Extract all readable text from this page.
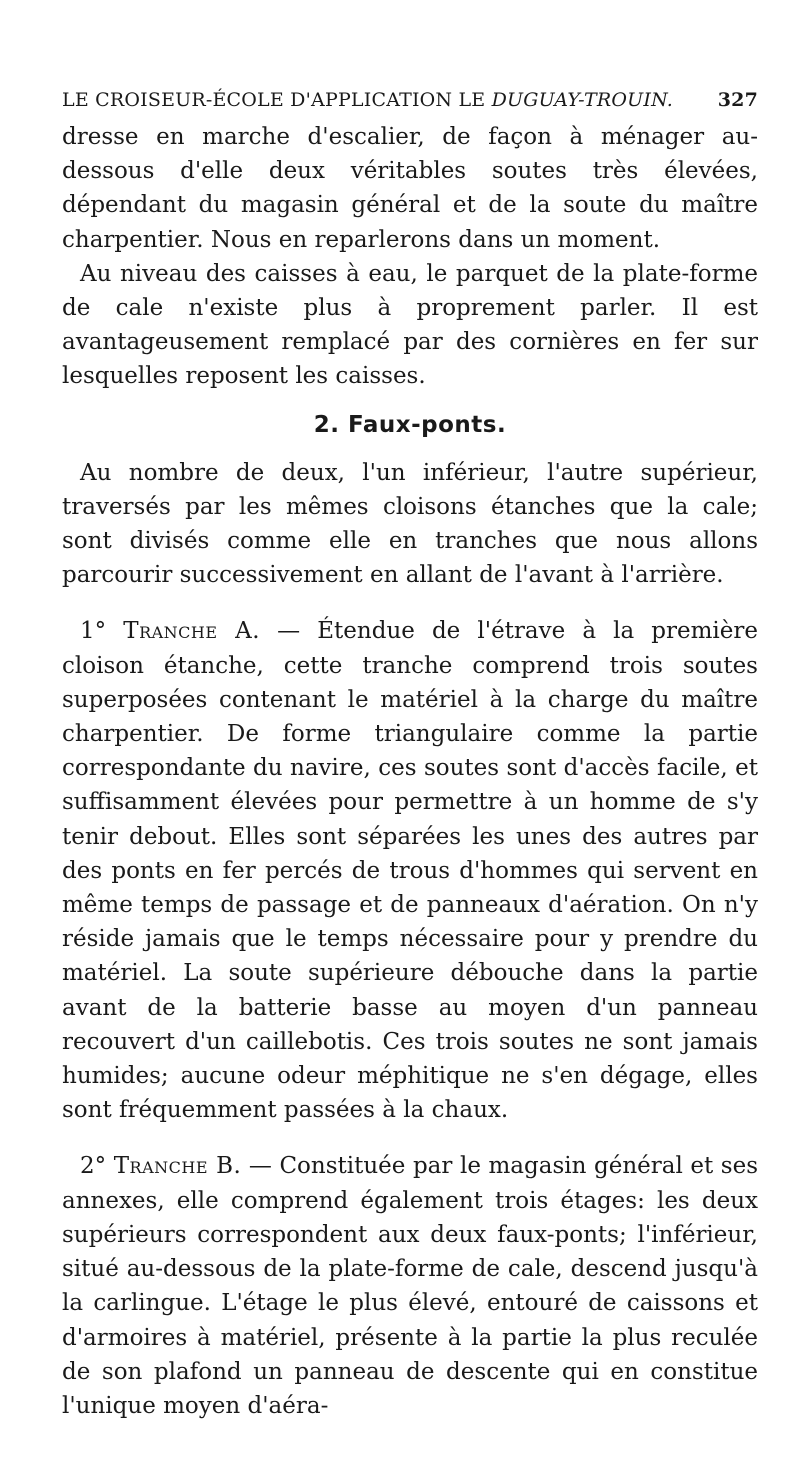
LE CROISEUR-ÉCOLE D'APPLICATION LE DUGUAY-TROUIN. 327

dresse en marche d'escalier, de façon à ménager au-dessous d'elle deux véritables soutes très élevées, dépendant du magasin général et de la soute du maître charpentier. Nous en reparlerons dans un moment.

Au niveau des caisses à eau, le parquet de la plate-forme de cale n'existe plus à proprement parler. Il est avantageusement remplacé par des cornières en fer sur lesquelles reposent les caisses.

2. Faux-ponts.

Au nombre de deux, l'un inférieur, l'autre supérieur, traversés par les mêmes cloisons étanches que la cale; sont divisés comme elle en tranches que nous allons parcourir successivement en allant de l'avant à l'arrière.

1° Tranche A. — Étendue de l'étrave à la première cloison étanche, cette tranche comprend trois soutes superposées contenant le matériel à la charge du maître charpentier. De forme triangulaire comme la partie correspondante du navire, ces soutes sont d'accès facile, et suffisamment élevées pour permettre à un homme de s'y tenir debout. Elles sont séparées les unes des autres par des ponts en fer percés de trous d'hommes qui servent en même temps de passage et de panneaux d'aération. On n'y réside jamais que le temps nécessaire pour y prendre du matériel. La soute supérieure débouche dans la partie avant de la batterie basse au moyen d'un panneau recouvert d'un caillebotis. Ces trois soutes ne sont jamais humides; aucune odeur méphitique ne s'en dégage, elles sont fréquemment passées à la chaux.

2° Tranche B. — Constituée par le magasin général et ses annexes, elle comprend également trois étages: les deux supérieurs correspondent aux deux faux-ponts; l'inférieur, situé au-dessous de la plate-forme de cale, descend jusqu'à la carlingue. L'étage le plus élevé, entouré de caissons et d'armoires à matériel, présente à la partie la plus reculée de son plafond un panneau de descente qui en constitue l'unique moyen d'aéra-
